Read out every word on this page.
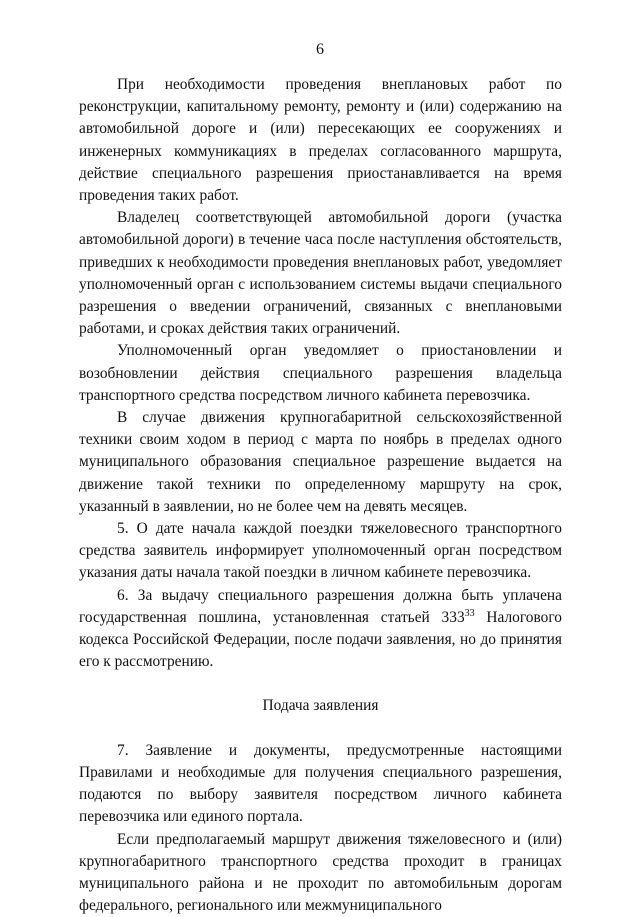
6

При необходимости проведения внеплановых работ по реконструкции, капитальному ремонту, ремонту и (или) содержанию на автомобильной дороге и (или) пересекающих ее сооружениях и инженерных коммуникациях в пределах согласованного маршрута, действие специального разрешения приостанавливается на время проведения таких работ.

Владелец соответствующей автомобильной дороги (участка автомобильной дороги) в течение часа после наступления обстоятельств, приведших к необходимости проведения внеплановых работ, уведомляет уполномоченный орган с использованием системы выдачи специального разрешения о введении ограничений, связанных с внеплановыми работами, и сроках действия таких ограничений.

Уполномоченный орган уведомляет о приостановлении и возобновлении действия специального разрешения владельца транспортного средства посредством личного кабинета перевозчика.

В случае движения крупногабаритной сельскохозяйственной техники своим ходом в период с марта по ноябрь в пределах одного муниципального образования специальное разрешение выдается на движение такой техники по определенному маршруту на срок, указанный в заявлении, но не более чем на девять месяцев.

5. О дате начала каждой поездки тяжеловесного транспортного средства заявитель информирует уполномоченный орган посредством указания даты начала такой поездки в личном кабинете перевозчика.

6. За выдачу специального разрешения должна быть уплачена государственная пошлина, установленная статьей $333^{33}$ Налогового кодекса Российской Федерации, после подачи заявления, но до принятия его к рассмотрению.

Подача заявления

7. Заявление и документы, предусмотренные настоящими Правилами и необходимые для получения специального разрешения, подаются по выбору заявителя посредством личного кабинета перевозчика или единого портала.

Если предполагаемый маршрут движения тяжеловесного и (или) крупногабаритного транспортного средства проходит в границах муниципального района и не проходит по автомобильным дорогам федерального, регионального или межмуниципального
